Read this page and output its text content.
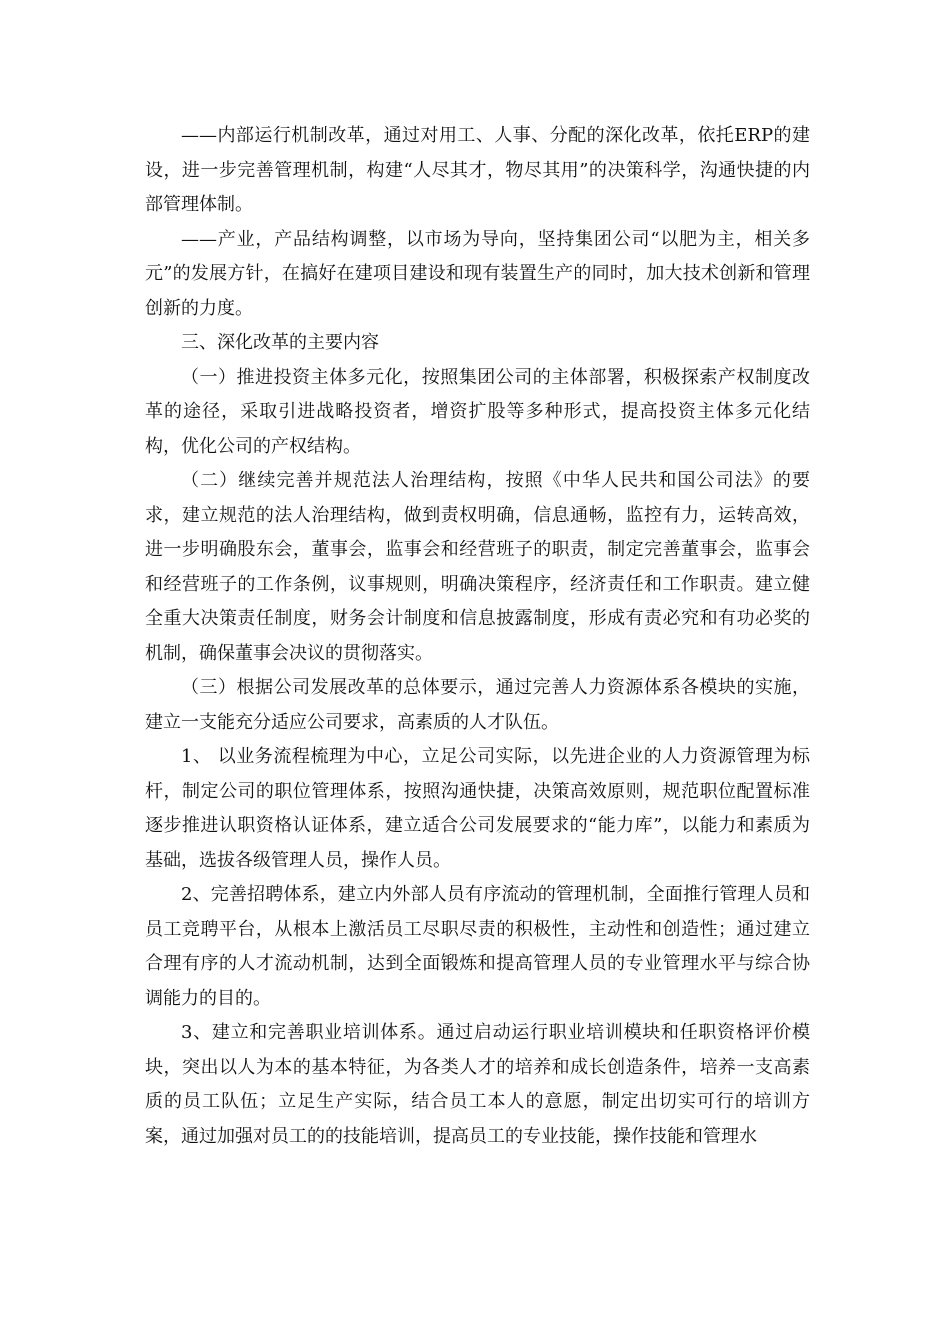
——内部运行机制改革，通过对用工、人事、分配的深化改革，依托ERP的建设，进一步完善管理机制，构建“人尽其才，物尽其用”的决策科学，沟通快捷的内部管理体制。

——产业，产品结构调整，以市场为导向，坚持集团公司“以肥为主，相关多元”的发展方针，在搞好在建项目建设和现有装置生产的同时，加大技术创新和管理创新的力度。

三、深化改革的主要内容

（一）推进投资主体多元化，按照集团公司的主体部署，积极探索产权制度改革的途径，采取引进战略投资者，增资扩股等多种形式，提高投资主体多元化结构，优化公司的产权结构。

（二）继续完善并规范法人治理结构，按照《中华人民共和国公司法》的要求，建立规范的法人治理结构，做到责权明确，信息通畅，监控有力，运转高效，进一步明确股东会，董事会，监事会和经营班子的职责，制定完善董事会，监事会和经营班子的工作条例，议事规则，明确决策程序，经济责任和工作职责。建立健全重大决策责任制度，财务会计制度和信息披露制度，形成有责必究和有功必奖的机制，确保董事会决议的贯彻落实。

（三）根据公司发展改革的总体要示，通过完善人力资源体系各模块的实施，建立一支能充分适应公司要求，高素质的人才队伍。

1、 以业务流程梳理为中心，立足公司实际，以先进企业的人力资源管理为标杆，制定公司的职位管理体系，按照沟通快捷，决策高效原则，规范职位配置标准逐步推进认职资格认证体系，建立适合公司发展要求的“能力库”，以能力和素质为基础，选拔各级管理人员，操作人员。

2、完善招聘体系，建立内外部人员有序流动的管理机制，全面推行管理人员和员工竞聘平台，从根本上激活员工尽职尽责的积极性，主动性和创造性；通过建立合理有序的人才流动机制，达到全面锻炼和提高管理人员的专业管理水平与综合协调能力的目的。

3、建立和完善职业培训体系。通过启动运行职业培训模块和任职资格评价模块，突出以人为本的基本特征，为各类人才的培养和成长创造条件，培养一支高素质的员工队伍；立足生产实际，结合员工本人的意愿，制定出切实可行的培训方案，通过加强对员工的的技能培训，提高员工的专业技能，操作技能和管理水
